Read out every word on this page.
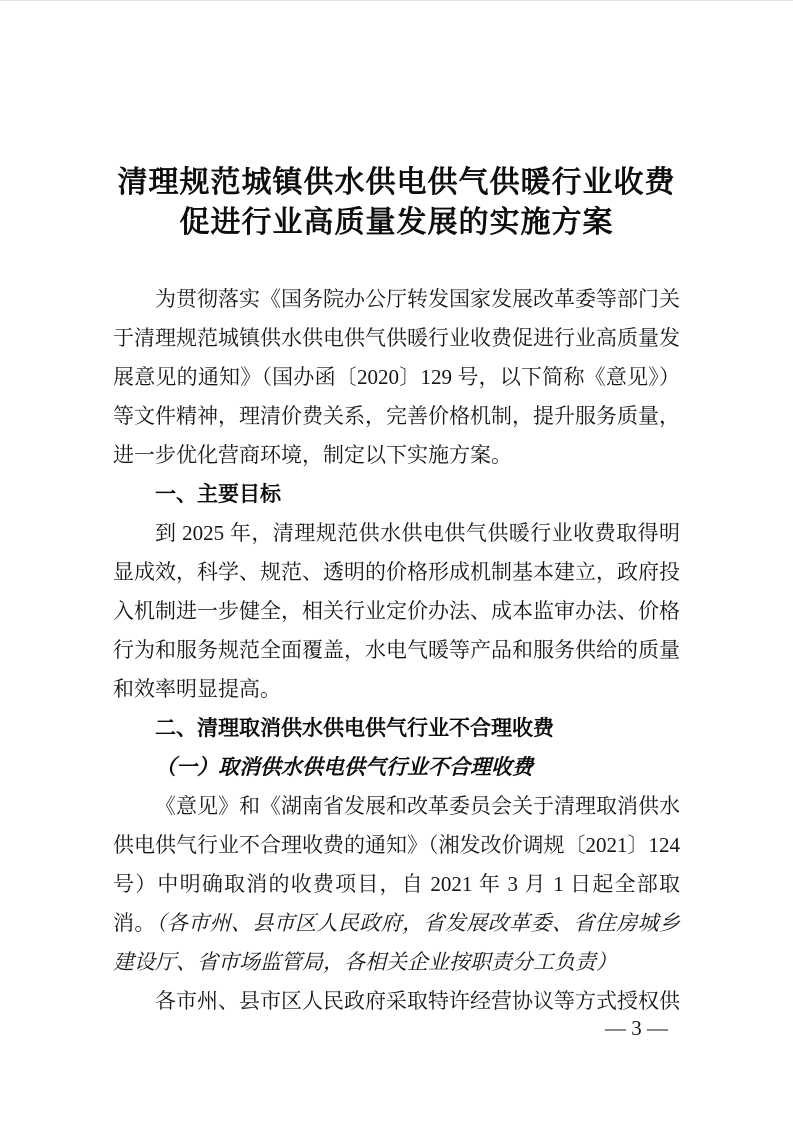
清理规范城镇供水供电供气供暖行业收费
促进行业高质量发展的实施方案

为贯彻落实《国务院办公厅转发国家发展改革委等部门关于清理规范城镇供水供电供气供暖行业收费促进行业高质量发展意见的通知》（国办函〔2020〕129 号，以下简称《意见》）等文件精神，理清价费关系，完善价格机制，提升服务质量，进一步优化营商环境，制定以下实施方案。

一、主要目标

到 2025 年，清理规范供水供电供气供暖行业收费取得明显成效，科学、规范、透明的价格形成机制基本建立，政府投入机制进一步健全，相关行业定价办法、成本监审办法、价格行为和服务规范全面覆盖，水电气暖等产品和服务供给的质量和效率明显提高。

二、清理取消供水供电供气行业不合理收费

（一）取消供水供电供气行业不合理收费

《意见》和《湖南省发展和改革委员会关于清理取消供水供电供气行业不合理收费的通知》（湘发改价调规〔2021〕124 号）中明确取消的收费项目，自 2021 年 3 月 1 日起全部取消。（各市州、县市区人民政府，省发展改革委、省住房城乡建设厅、省市场监管局，各相关企业按职责分工负责）

各市州、县市区人民政府采取特许经营协议等方式授权供

— 3 —
